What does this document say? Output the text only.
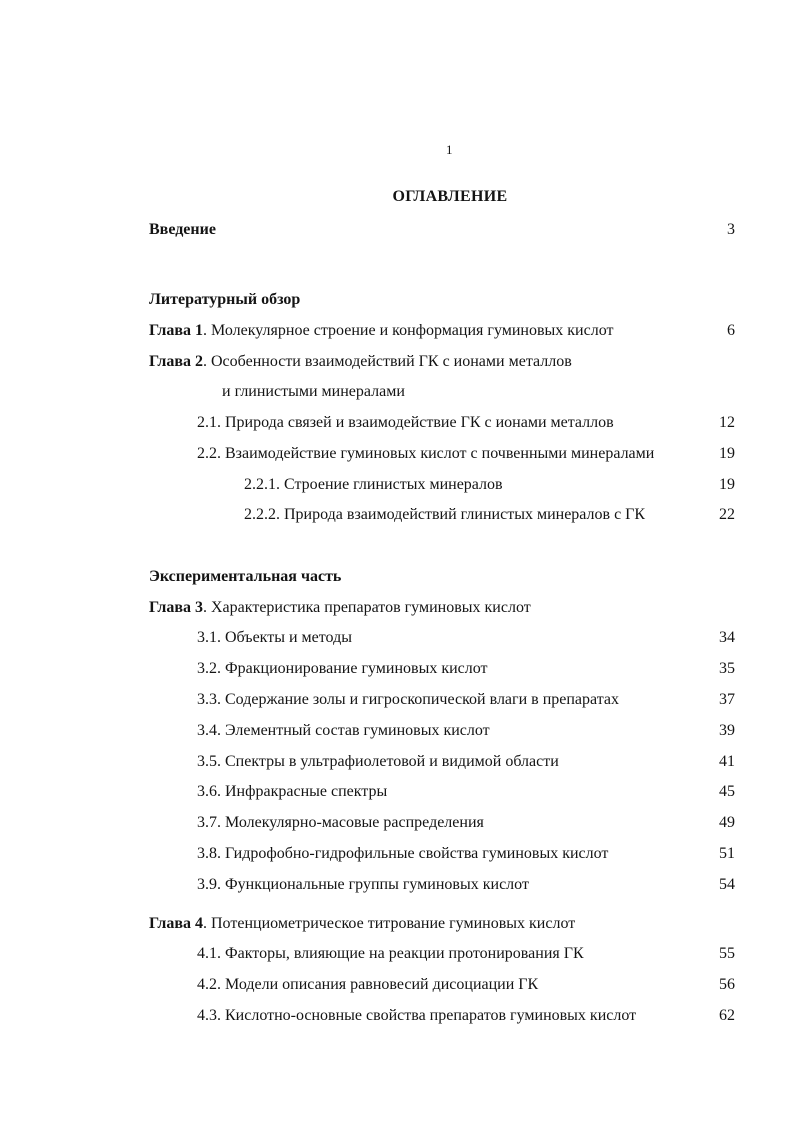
1
ОГЛАВЛЕНИЕ
Введение	3
Литературный обзор
Глава 1. Молекулярное строение и конформация гуминовых кислот	6
Глава 2. Особенности взаимодействий ГК с ионами металлов
и глинистыми минералами
2.1. Природа связей и взаимодействие ГК с ионами металлов	12
2.2. Взаимодействие гуминовых кислот с почвенными минералами	19
2.2.1. Строение глинистых минералов	19
2.2.2. Природа взаимодействий глинистых минералов с ГК	22
Экспериментальная часть
Глава 3. Характеристика препаратов гуминовых кислот
3.1. Объекты и методы	34
3.2. Фракционирование гуминовых кислот	35
3.3. Содержание золы и гигроскопической влаги в препаратах	37
3.4. Элементный состав гуминовых кислот	39
3.5. Спектры в ультрафиолетовой и видимой области	41
3.6. Инфракрасные спектры	45
3.7. Молекулярно-масовые распределения	49
3.8. Гидрофобно-гидрофильные свойства гуминовых кислот	51
3.9. Функциональные группы гуминовых кислот	54
Глава 4. Потенциометрическое титрование гуминовых кислот
4.1. Факторы, влияющие на реакции протонирования ГК	55
4.2. Модели описания равновесий дисоциации ГК	56
4.3. Кислотно-основные свойства препаратов гуминовых кислот	62
